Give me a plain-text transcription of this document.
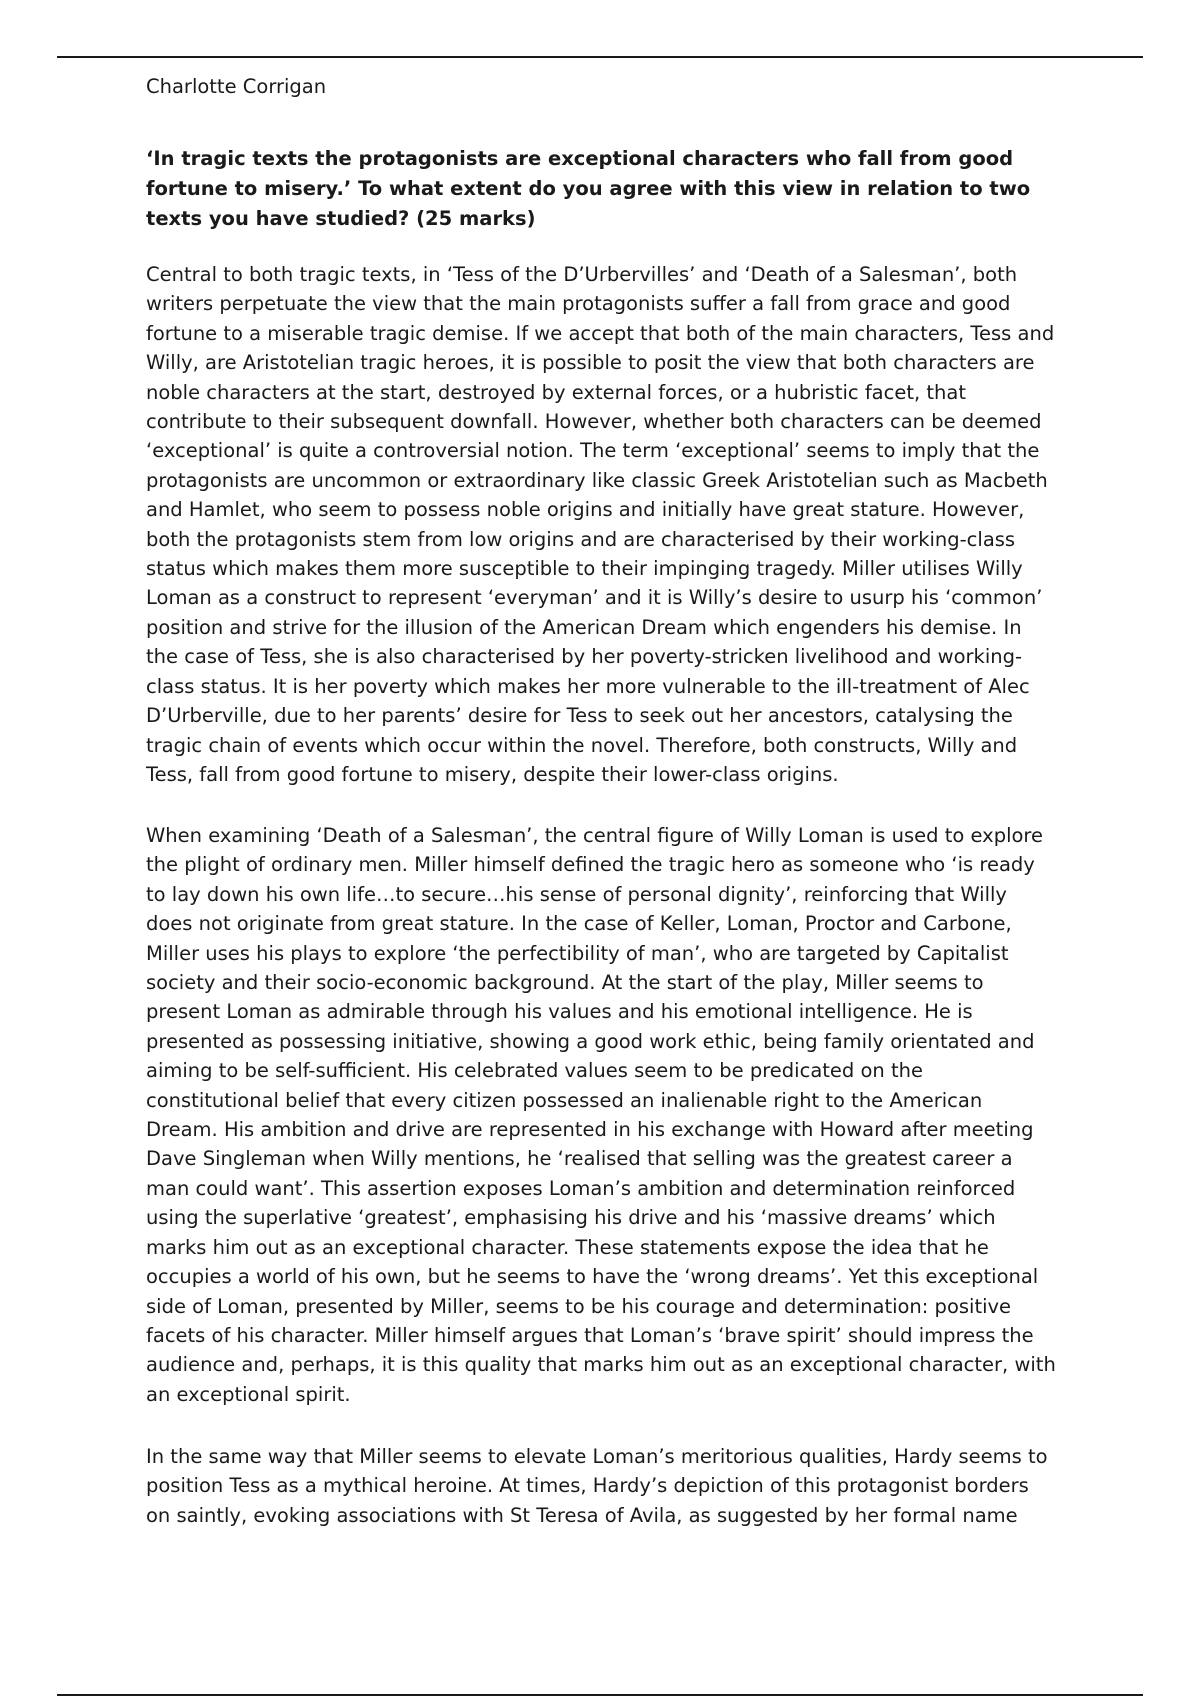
Charlotte Corrigan

‘In tragic texts the protagonists are exceptional characters who fall from good fortune to misery.’ To what extent do you agree with this view in relation to two texts you have studied? (25 marks)

Central to both tragic texts, in ‘Tess of the D’Urbervilles’ and ‘Death of a Salesman’, both writers perpetuate the view that the main protagonists suffer a fall from grace and good fortune to a miserable tragic demise. If we accept that both of the main characters, Tess and Willy, are Aristotelian tragic heroes, it is possible to posit the view that both characters are noble characters at the start, destroyed by external forces, or a hubristic facet, that contribute to their subsequent downfall. However, whether both characters can be deemed ‘exceptional’ is quite a controversial notion. The term ‘exceptional’ seems to imply that the protagonists are uncommon or extraordinary like classic Greek Aristotelian such as Macbeth and Hamlet, who seem to possess noble origins and initially have great stature. However, both the protagonists stem from low origins and are characterised by their working-class status which makes them more susceptible to their impinging tragedy. Miller utilises Willy Loman as a construct to represent ‘everyman’ and it is Willy’s desire to usurp his ‘common’ position and strive for the illusion of the American Dream which engenders his demise. In the case of Tess, she is also characterised by her poverty-stricken livelihood and working-class status. It is her poverty which makes her more vulnerable to the ill-treatment of Alec D’Urberville, due to her parents’ desire for Tess to seek out her ancestors, catalysing the tragic chain of events which occur within the novel. Therefore, both constructs, Willy and Tess, fall from good fortune to misery, despite their lower-class origins.

When examining ‘Death of a Salesman’, the central figure of Willy Loman is used to explore the plight of ordinary men. Miller himself defined the tragic hero as someone who ‘is ready to lay down his own life…to secure…his sense of personal dignity’, reinforcing that Willy does not originate from great stature. In the case of Keller, Loman, Proctor and Carbone, Miller uses his plays to explore ‘the perfectibility of man’, who are targeted by Capitalist society and their socio-economic background. At the start of the play, Miller seems to present Loman as admirable through his values and his emotional intelligence. He is presented as possessing initiative, showing a good work ethic, being family orientated and aiming to be self-sufficient. His celebrated values seem to be predicated on the constitutional belief that every citizen possessed an inalienable right to the American Dream. His ambition and drive are represented in his exchange with Howard after meeting Dave Singleman when Willy mentions, he ‘realised that selling was the greatest career a man could want’. This assertion exposes Loman’s ambition and determination reinforced using the superlative ‘greatest’, emphasising his drive and his ‘massive dreams’ which marks him out as an exceptional character. These statements expose the idea that he occupies a world of his own, but he seems to have the ‘wrong dreams’. Yet this exceptional side of Loman, presented by Miller, seems to be his courage and determination: positive facets of his character. Miller himself argues that Loman’s ‘brave spirit’ should impress the audience and, perhaps, it is this quality that marks him out as an exceptional character, with an exceptional spirit.

In the same way that Miller seems to elevate Loman’s meritorious qualities, Hardy seems to position Tess as a mythical heroine. At times, Hardy’s depiction of this protagonist borders on saintly, evoking associations with St Teresa of Avila, as suggested by her formal name
